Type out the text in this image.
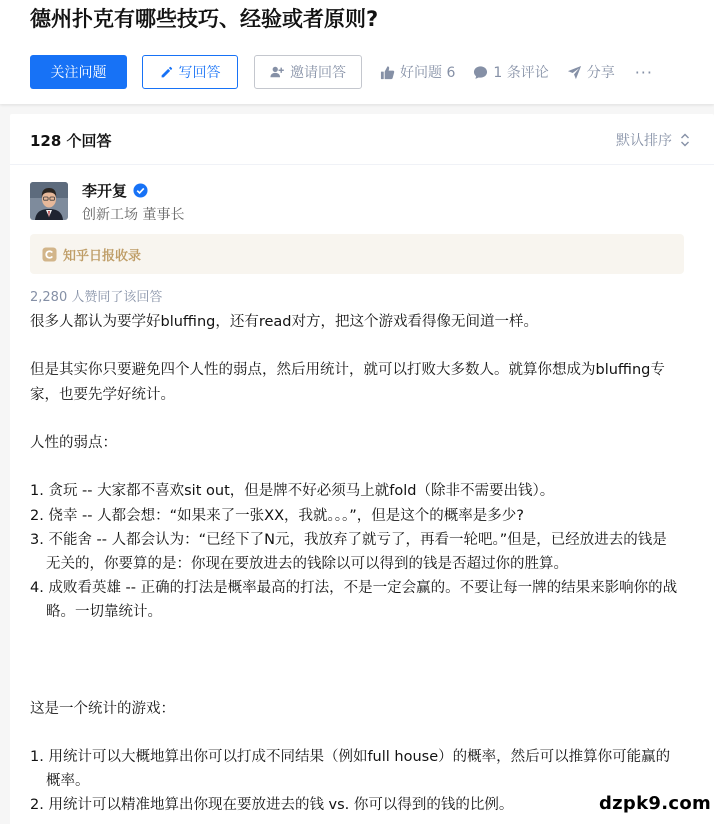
德州扑克有哪些技巧、经验或者原则?
关注问题	写回答	邀请回答	好问题 6	1 条评论	分享 ···
128 个回答	默认排序
李开复
创新工场 董事长
知乎日报收录
2,280 人赞同了该回答

很多人都认为要学好bluffing，还有read对方，把这个游戏看得像无间道一样。

但是其实你只要避免四个人性的弱点，然后用统计，就可以打败大多数人。就算你想成为bluffing专家，也要先学好统计。

人性的弱点：

1. 贪玩 -- 大家都不喜欢sit out，但是牌不好必须马上就fold（除非不需要出钱）。
2. 侥幸 -- 人都会想：“如果来了一张XX，我就。。。”，但是这个的概率是多少?
3. 不能舍 -- 人都会认为：“已经下了N元，我放弃了就亏了，再看一轮吧。”但是，已经放进去的钱是无关的，你要算的是：你现在要放进去的钱除以可以得到的钱是否超过你的胜算。
4. 成败看英雄 -- 正确的打法是概率最高的打法，不是一定会赢的。不要让每一牌的结果来影响你的战略。一切靠统计。

这是一个统计的游戏：

1. 用统计可以大概地算出你可以打成不同结果（例如full house）的概率，然后可以推算你可能赢的概率。
2. 用统计可以精准地算出你现在要放进去的钱 vs. 你可以得到的钱的比例。	dzpk9.com
